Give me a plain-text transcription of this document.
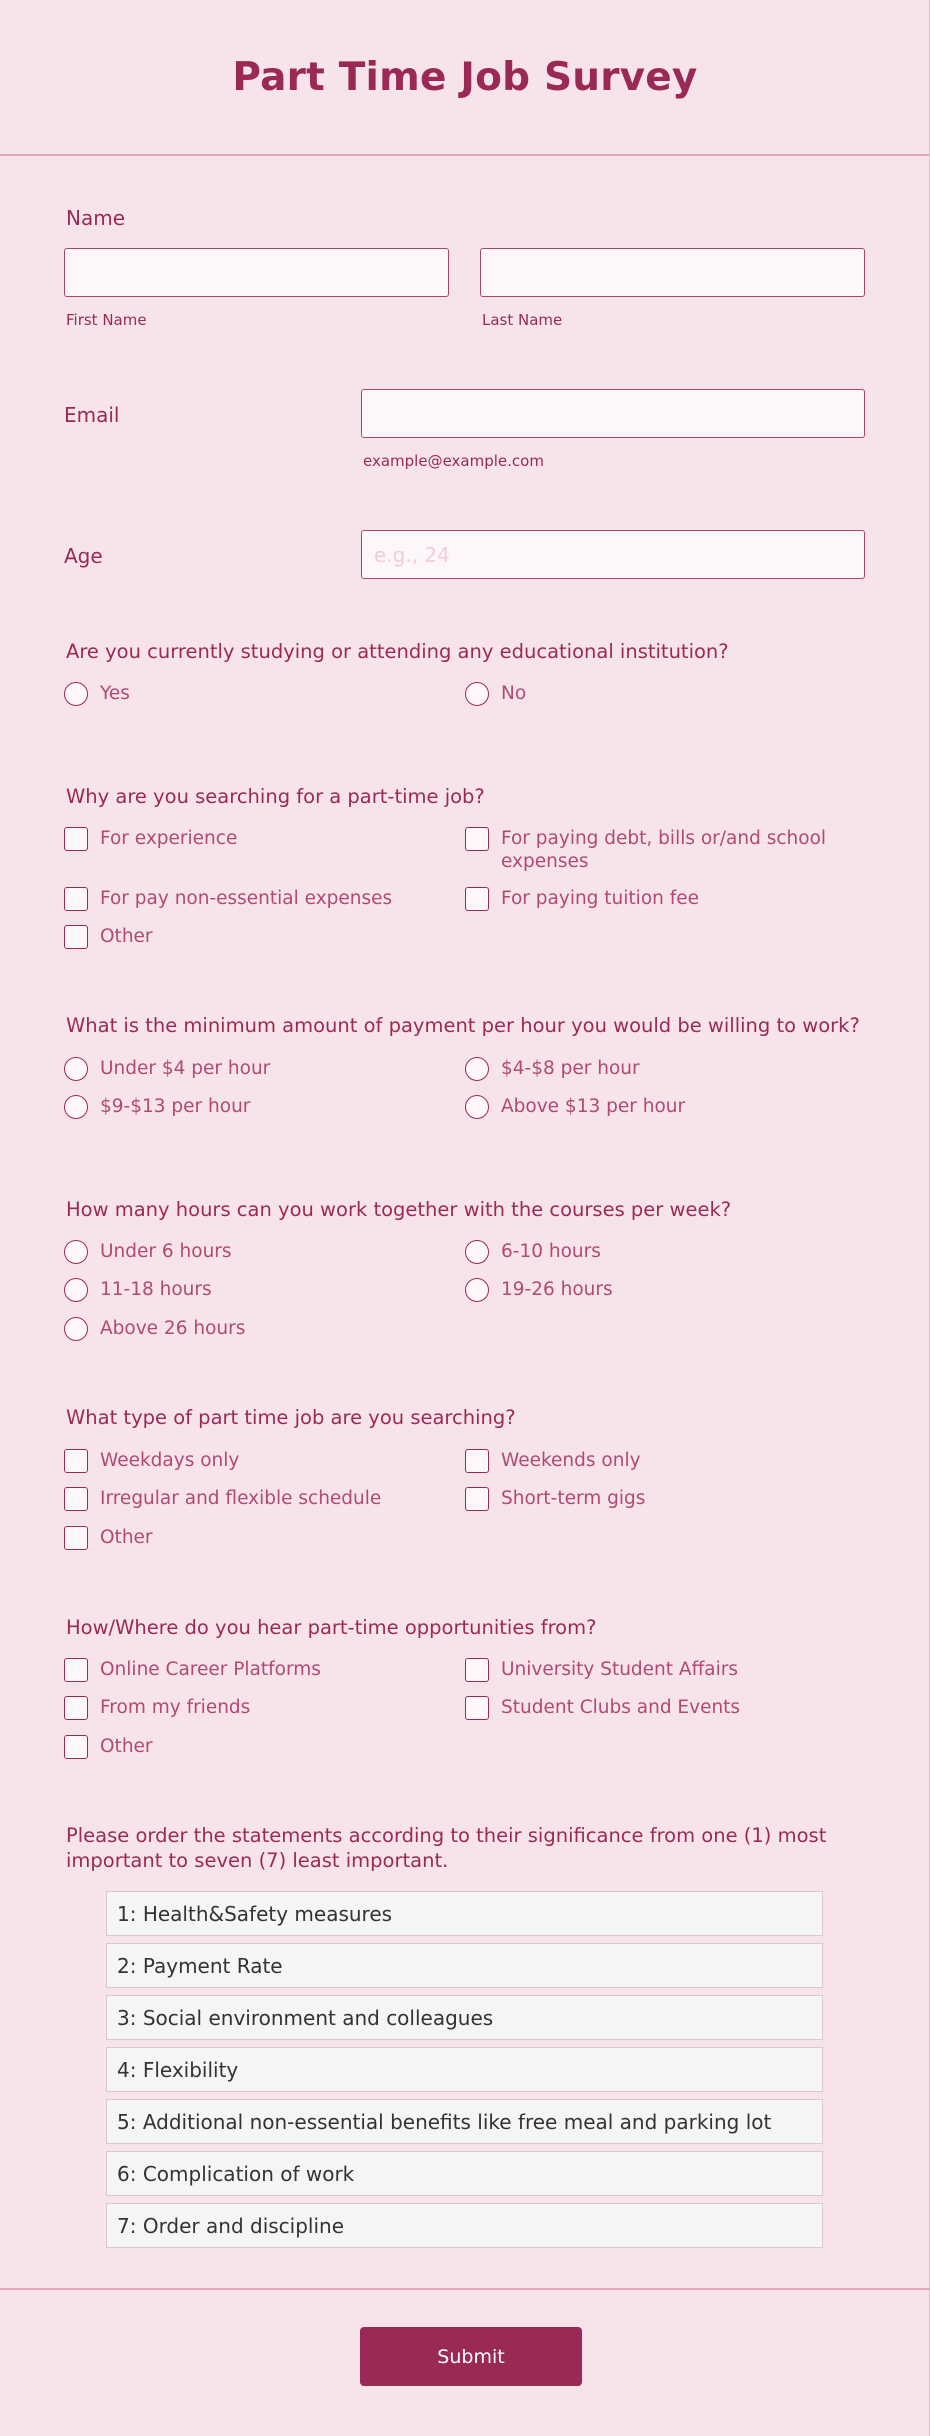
Part Time Job Survey
Name
First Name	Last Name
Email
example@example.com
Age
e.g., 24
Are you currently studying or attending any educational institution?
Yes	No
Why are you searching for a part-time job?
For experience	For paying debt, bills or/and school expenses
For pay non-essential expenses	For paying tuition fee
Other
What is the minimum amount of payment per hour you would be willing to work?
Under $4 per hour	$4-$8 per hour
$9-$13 per hour	Above $13 per hour
How many hours can you work together with the courses per week?
Under 6 hours	6-10 hours
11-18 hours	19-26 hours
Above 26 hours
What type of part time job are you searching?
Weekdays only	Weekends only
Irregular and flexible schedule	Short-term gigs
Other
How/Where do you hear part-time opportunities from?
Online Career Platforms	University Student Affairs
From my friends	Student Clubs and Events
Other
Please order the statements according to their significance from one (1) most
important to seven (7) least important.
1: Health&Safety measures
2: Payment Rate
3: Social environment and colleagues
4: Flexibility
5: Additional non-essential benefits like free meal and parking lot
6: Complication of work
7: Order and discipline
Submit
